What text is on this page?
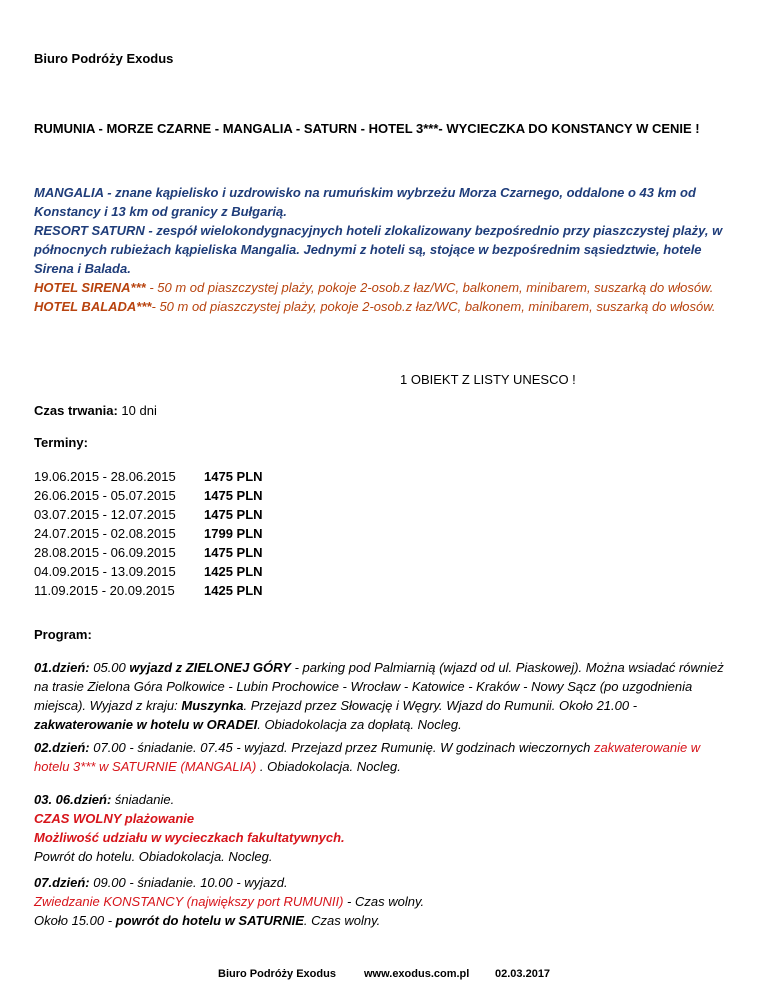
Biuro Podróży Exodus
RUMUNIA - MORZE CZARNE - MANGALIA - SATURN - HOTEL 3***- WYCIECZKA DO KONSTANCY W CENIE !

MANGALIA - znane kąpielisko i uzdrowisko na rumuńskim wybrzeżu Morza Czarnego, oddalone o 43 km od Konstancy i 13 km od granicy z Bułgarią.

RESORT SATURN - zespół wielokondygnacyjnych hoteli zlokalizowany bezpośrednio przy piaszczystej plaży, w północnych rubieżach kąpieliska Mangalia. Jednymi z hoteli są, stojące w bezpośrednim sąsiedztwie, hotele Sirena i Balada.

HOTEL SIRENA*** - 50 m od piaszczystej plaży, pokoje 2-osob.z łaz/WC, balkonem, minibarem, suszarką do włosów.

HOTEL BALADA***- 50 m od piaszczystej plaży, pokoje 2-osob.z łaz/WC, balkonem, minibarem, suszarką do włosów.

1 OBIEKT Z LISTY UNESCO !
Czas trwania: 10 dni
Terminy:
19.06.2015 - 28.06.2015	1475 PLN
26.06.2015 - 05.07.2015	1475 PLN
03.07.2015 - 12.07.2015	1475 PLN
24.07.2015 - 02.08.2015	1799 PLN
28.08.2015 - 06.09.2015	1475 PLN
04.09.2015 - 13.09.2015	1425 PLN
11.09.2015 - 20.09.2015	1425 PLN
Program:
01.dzień: 05.00 wyjazd z ZIELONEJ GÓRY - parking pod Palmiarnią (wjazd od ul. Piaskowej). Można wsiadać również na trasie Zielona Góra Polkowice - Lubin Prochowice - Wrocław - Katowice - Kraków - Nowy Sącz (po uzgodnienia miejsca). Wyjazd z kraju: Muszynka. Przejazd przez Słowację i Węgry. Wjazd do Rumunii. Około 21.00 - zakwaterowanie w hotelu w ORADEI. Obiadokolacja za dopłatą. Nocleg.
02.dzień: 07.00 - śniadanie. 07.45 - wyjazd. Przejazd przez Rumunię. W godzinach wieczornych zakwaterowanie w hotelu 3*** w SATURNIE (MANGALIA) . Obiadokolacja. Nocleg.

03. 06.dzień: śniadanie.

CZAS WOLNY plażowanie

Możliwość udziału w wycieczkach fakultatywnych.

Powrót do hotelu. Obiadokolacja. Nocleg.

07.dzień: 09.00 - śniadanie. 10.00 - wyjazd.

Zwiedzanie KONSTANCY (największy port RUMUNII) - Czas wolny.

Około 15.00 - powrót do hotelu w SATURNIE. Czas wolny.

Biuro Podróży Exodus	www.exodus.com.pl 02.03.2017
